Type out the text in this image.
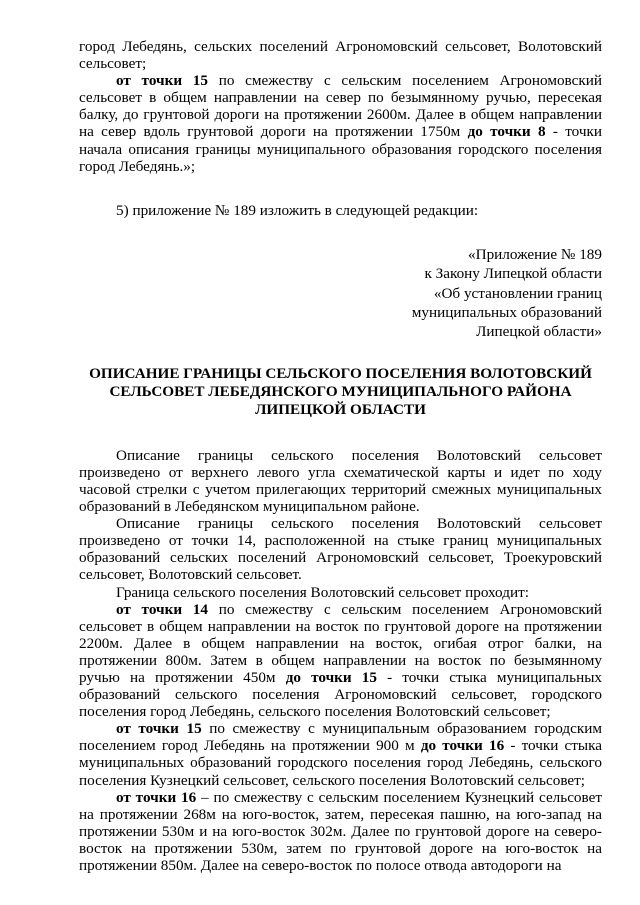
город Лебедянь, сельских поселений Агрономовский сельсовет, Волотовский сельсовет;

от точки 15 по смежеству с сельским поселением Агрономовский сельсовет в общем направлении на север по безымянному ручью, пересекая балку, до грунтовой дороги на протяжении 2600м. Далее в общем направлении на север вдоль грунтовой дороги на протяжении 1750м до точки 8 - точки начала описания границы муниципального образования городского поселения город Лебедянь.»;

5) приложение № 189 изложить в следующей редакции:

«Приложение № 189
к Закону Липецкой области
«Об установлении границ
муниципальных образований
Липецкой области»
ОПИСАНИЕ ГРАНИЦЫ СЕЛЬСКОГО ПОСЕЛЕНИЯ ВОЛОТОВСКИЙ
СЕЛЬСОВЕТ ЛЕБЕДЯНСКОГО МУНИЦИПАЛЬНОГО РАЙОНА
ЛИПЕЦКОЙ ОБЛАСТИ

Описание границы сельского поселения Волотовский сельсовет произведено от верхнего левого угла схематической карты и идет по ходу часовой стрелки с учетом прилегающих территорий смежных муниципальных образований в Лебедянском муниципальном районе.

Описание границы сельского поселения Волотовский сельсовет произведено от точки 14, расположенной на стыке границ муниципальных образований сельских поселений Агрономовский сельсовет, Троекуровский сельсовет, Волотовский сельсовет.

Граница сельского поселения Волотовский сельсовет проходит:

от точки 14 по смежеству с сельским поселением Агрономовский сельсовет в общем направлении на восток по грунтовой дороге на протяжении 2200м. Далее в общем направлении на восток, огибая отрог балки, на протяжении 800м. Затем в общем направлении на восток по безымянному ручью на протяжении 450м до точки 15 - точки стыка муниципальных образований сельского поселения Агрономовский сельсовет, городского поселения город Лебедянь, сельского поселения Волотовский сельсовет;

от точки 15 по смежеству с муниципальным образованием городским поселением город Лебедянь на протяжении 900 м до точки 16 - точки стыка муниципальных образований городского поселения город Лебедянь, сельского поселения Кузнецкий сельсовет, сельского поселения Волотовский сельсовет;

от точки 16 – по смежеству с сельским поселением Кузнецкий сельсовет на протяжении 268м на юго-восток, затем, пересекая пашню, на юго-запад на протяжении 530м и на юго-восток 302м. Далее по грунтовой дороге на северо-восток на протяжении 530м, затем по грунтовой дороге на юго-восток на протяжении 850м. Далее на северо-восток по полосе отвода автодороги на
